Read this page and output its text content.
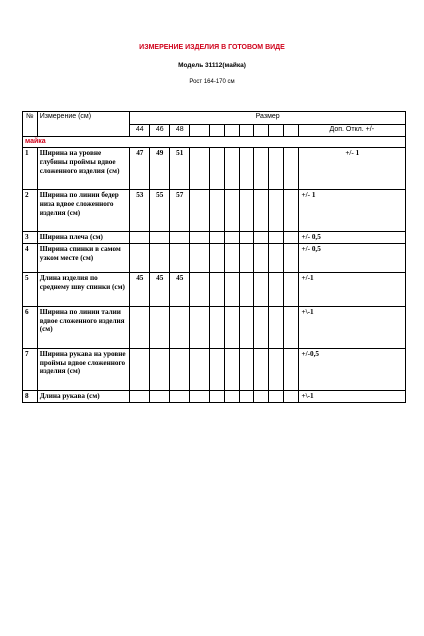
ИЗМЕРЕНИЕ ИЗДЕЛИЯ В ГОТОВОМ ВИДЕ
Модель 31112(майка)
Рост 164-170 см
№	Измерение (см)	Размер										
		44	46	48								Доп. Откл. +/-
майка												
1	Ширина на уровне глубины проймы вдвое сложенного изделия (см)	47	49	51								+/- 1
2	Ширина по линии бедер низа вдвое сложенного изделия (см)	53	55	57								+/- 1
3	Ширина плеча (см)											+/- 0,5
4	Ширина спинки в самом узком месте (см)											+/- 0,5
5	Длина изделия по среднему шву спинки (см)	45	45	45								+/-1
6	Ширина по линии талии вдвое сложенного изделия (см)											+\-1
7	Ширина рукава на уровне проймы вдвое сложенного изделия (см)											+/-0,5
8	Длина рукава (см)											+\-1
